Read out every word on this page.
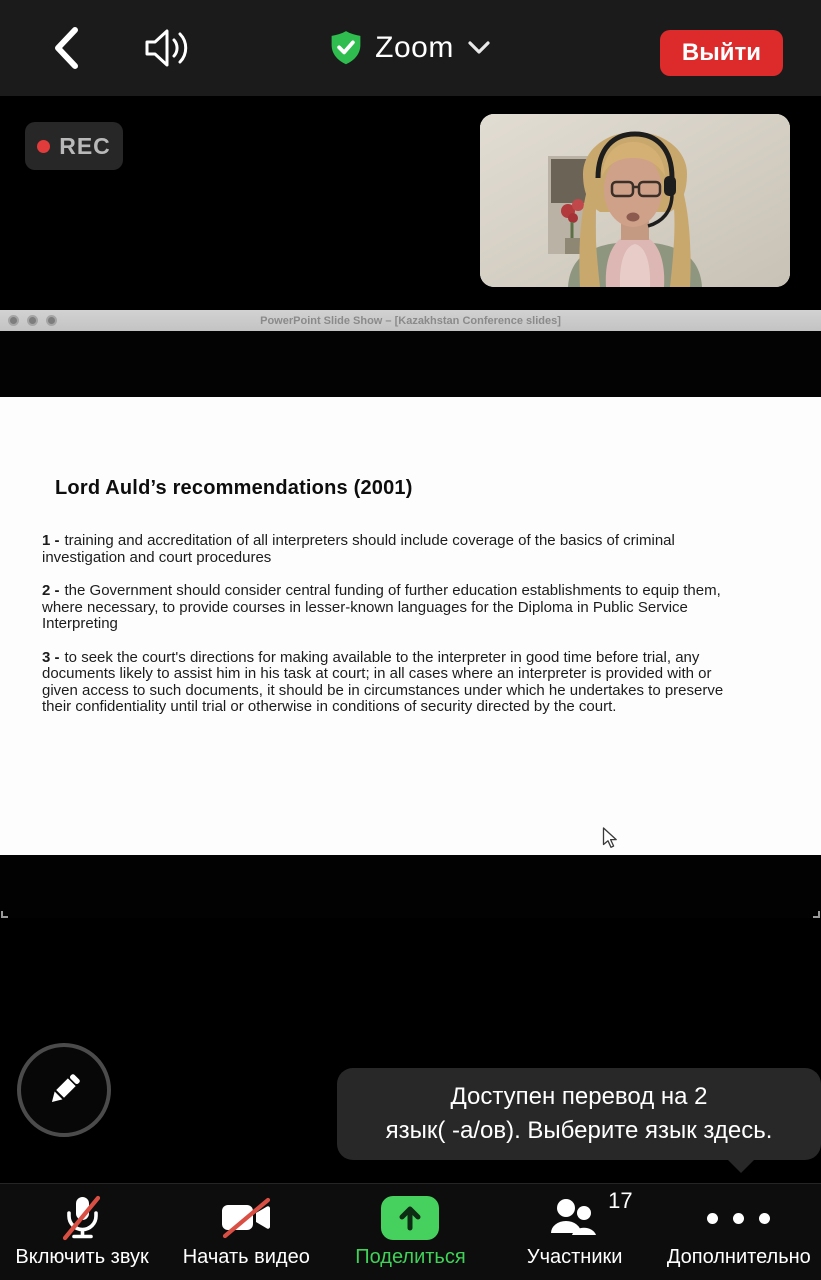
Zoom	Выйти
REC
PowerPoint Slide Show – [Kazakhstan Conference slides]
Lord Auld’s recommendations (2001)

1 - training and accreditation of all interpreters should include coverage of the basics of criminal investigation and court procedures

2 - the Government should consider central funding of further education establishments to equip them, where necessary, to provide courses in lesser-known languages for the Diploma in Public Service Interpreting

3 - to seek the court's directions for making available to the interpreter in good time before trial, any documents likely to assist him in his task at court; in all cases where an interpreter is provided with or given access to such documents, it should be in circumstances under which he undertakes to preserve their confidentiality until trial or otherwise in conditions of security directed by the court.

Доступен перевод на 2
язык( -а/ов). Выберите язык здесь.
Включить звук Начать видео Поделиться
17
Участники Дополнительно
